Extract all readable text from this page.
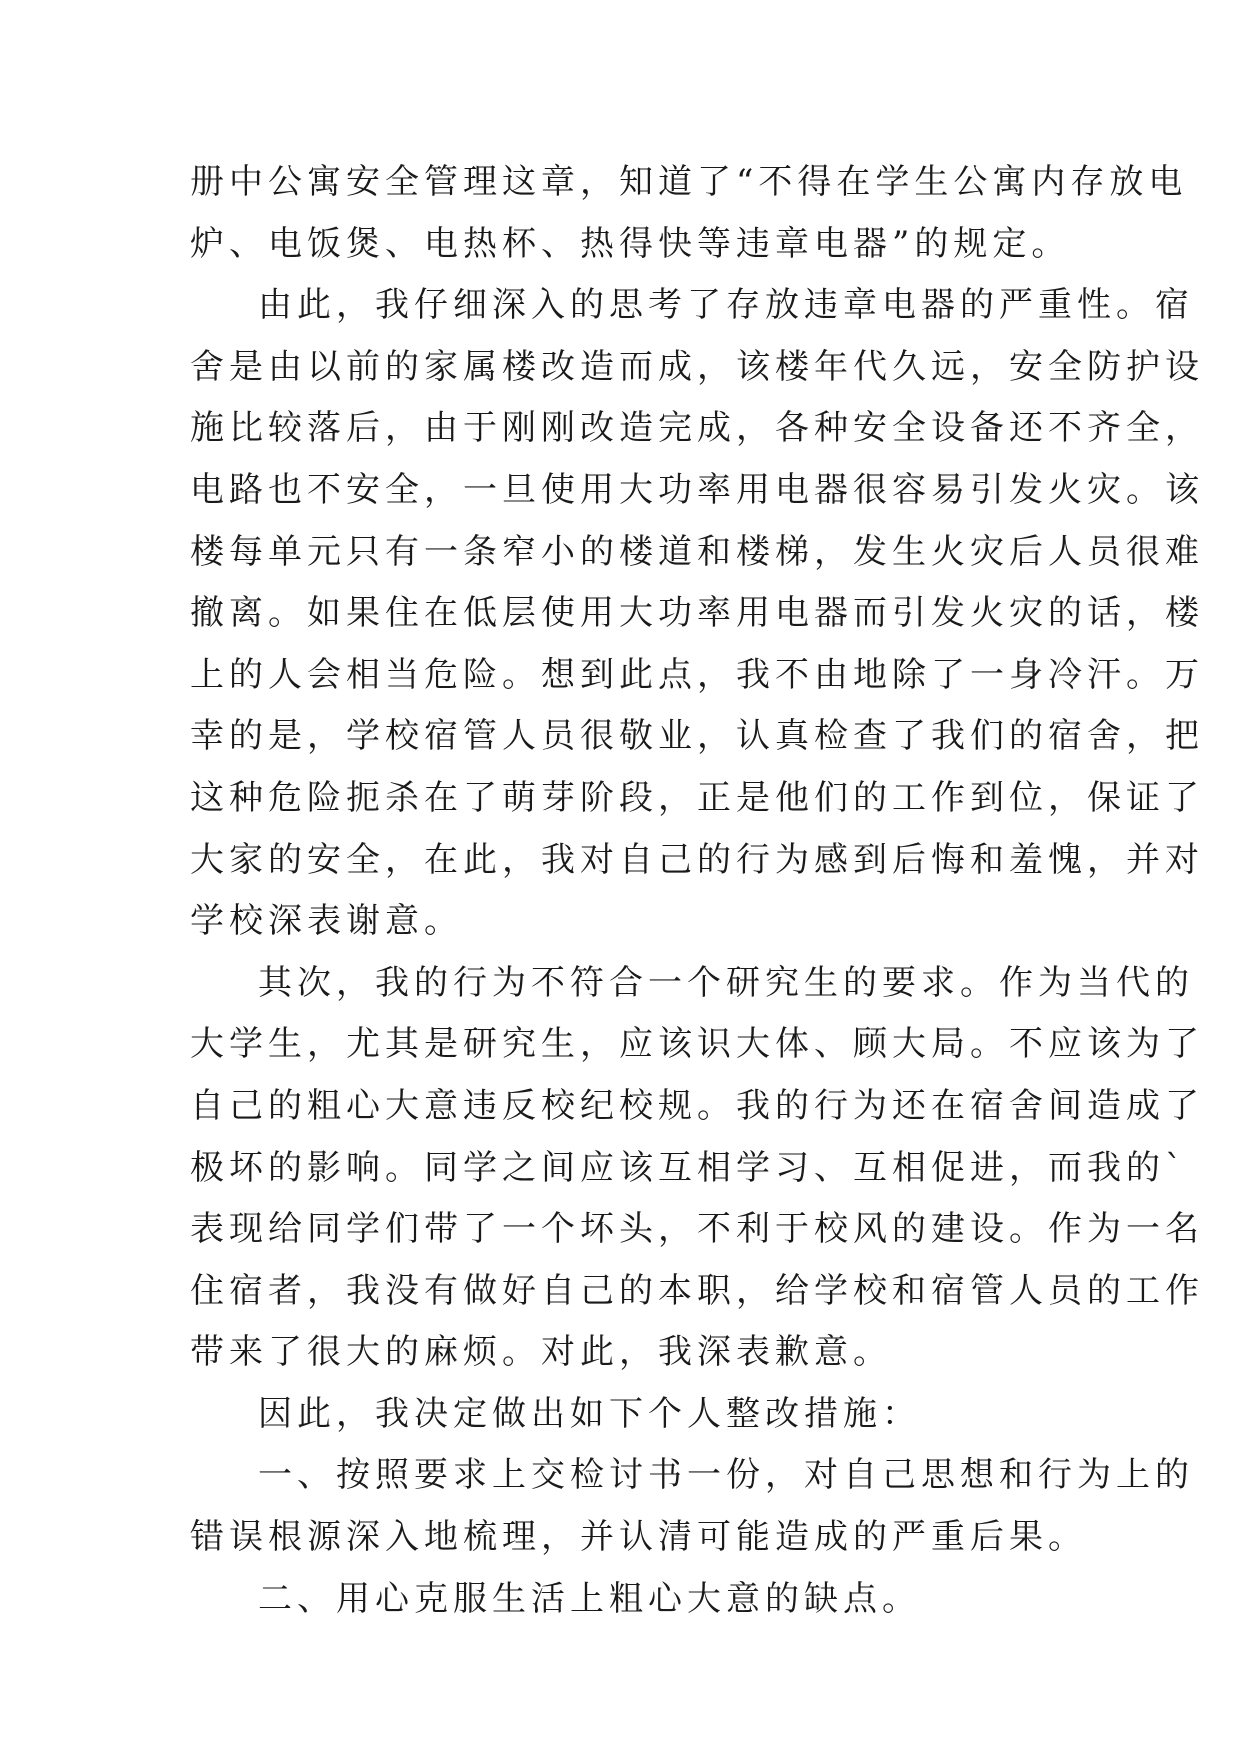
册中公寓安全管理这章，知道了“不得在学生公寓内存放电
炉、电饭煲、电热杯、热得快等违章电器”的规定。
由此，我仔细深入的思考了存放违章电器的严重性。宿
舍是由以前的家属楼改造而成，该楼年代久远，安全防护设
施比较落后，由于刚刚改造完成，各种安全设备还不齐全，
电路也不安全，一旦使用大功率用电器很容易引发火灾。该
楼每单元只有一条窄小的楼道和楼梯，发生火灾后人员很难
撤离。如果住在低层使用大功率用电器而引发火灾的话，楼
上的人会相当危险。想到此点，我不由地除了一身冷汗。万
幸的是，学校宿管人员很敬业，认真检查了我们的宿舍，把
这种危险扼杀在了萌芽阶段，正是他们的工作到位，保证了
大家的安全，在此，我对自己的行为感到后悔和羞愧，并对
学校深表谢意。
其次，我的行为不符合一个研究生的要求。作为当代的
大学生，尤其是研究生，应该识大体、顾大局。不应该为了
自己的粗心大意违反校纪校规。我的行为还在宿舍间造成了
极坏的影响。同学之间应该互相学习、互相促进，而我的`
表现给同学们带了一个坏头，不利于校风的建设。作为一名
住宿者，我没有做好自己的本职，给学校和宿管人员的工作
带来了很大的麻烦。对此，我深表歉意。
因此，我决定做出如下个人整改措施：
一、按照要求上交检讨书一份，对自己思想和行为上的
错误根源深入地梳理，并认清可能造成的严重后果。
二、用心克服生活上粗心大意的缺点。
